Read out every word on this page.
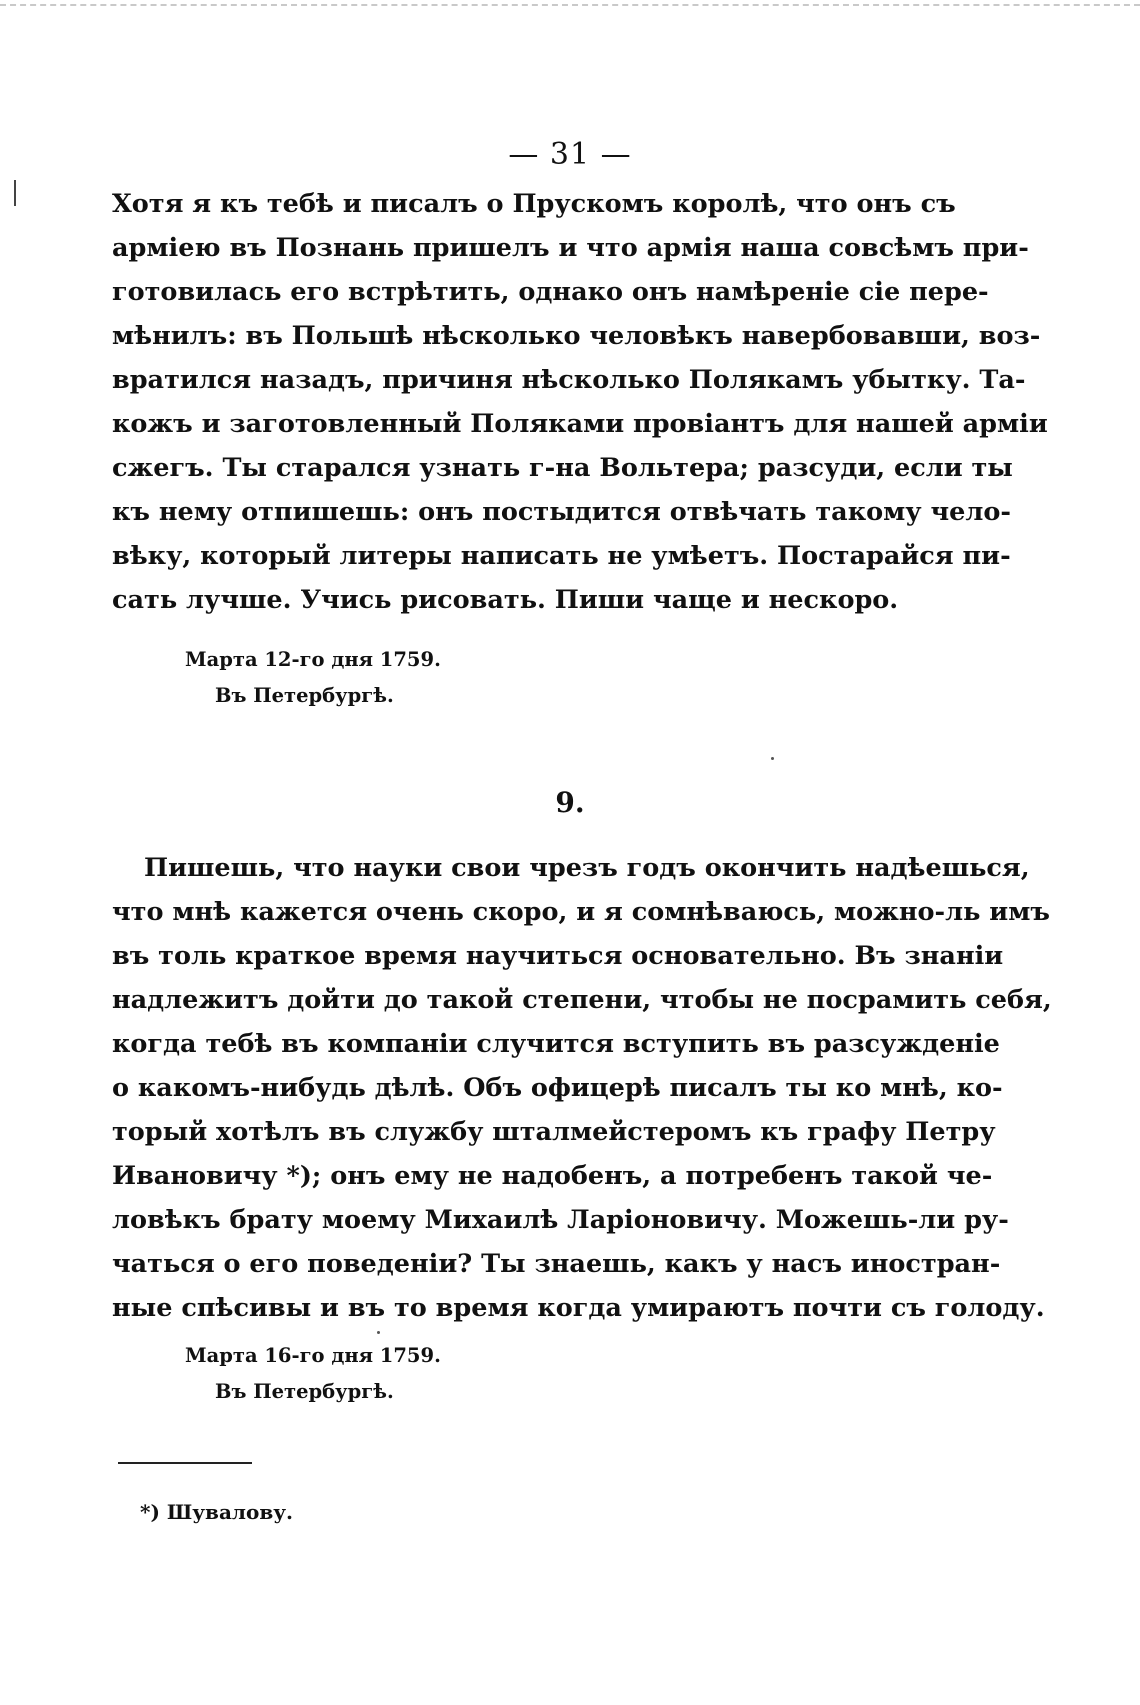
— 31 —
Хотя я къ тебѣ и писалъ о Прускомъ королѣ, что онъ съ
арміею въ Познань пришелъ и что армія наша совсѣмъ при-
готовилась его встрѣтить, однако онъ намѣреніе сіе пере-
мѣнилъ: въ Польшѣ нѣсколько человѣкъ навербовавши, воз-
вратился назадъ, причиня нѣсколько Полякамъ убытку. Та-
кожъ и заготовленный Поляками провіантъ для нашей арміи
сжегъ. Ты старался узнать г-на Вольтера; разсуди, если ты
къ нему отпишешь: онъ постыдится отвѣчать такому чело-
вѣку, который литеры написать не умѣетъ. Постарайся пи-
сать лучше. Учись рисовать. Пиши чаще и нескоро.
Марта 12-го дня 1759.
Въ Петербургѣ.
9.
Пишешь, что науки свои чрезъ годъ окончить надѣешься,
что мнѣ кажется очень скоро, и я сомнѣваюсь, можно-ль имъ
въ толь краткое время научиться основательно. Въ знаніи
надлежитъ дойти до такой степени, чтобы не посрамить себя,
когда тебѣ въ компаніи случится вступить въ разсужденіе
о какомъ-нибудь дѣлѣ. Объ офицерѣ писалъ ты ко мнѣ, ко-
торый хотѣлъ въ службу шталмейстеромъ къ графу Петру
Ивановичу *); онъ ему не надобенъ, а потребенъ такой че-
ловѣкъ брату моему Михаилѣ Ларіоновичу. Можешь-ли ру-
чаться о его поведеніи? Ты знаешь, какъ у насъ иностран-
ные спѣсивы и въ то время когда умираютъ почти съ голоду.
Марта 16-го дня 1759.
Въ Петербургѣ.
*) Шувалову.
